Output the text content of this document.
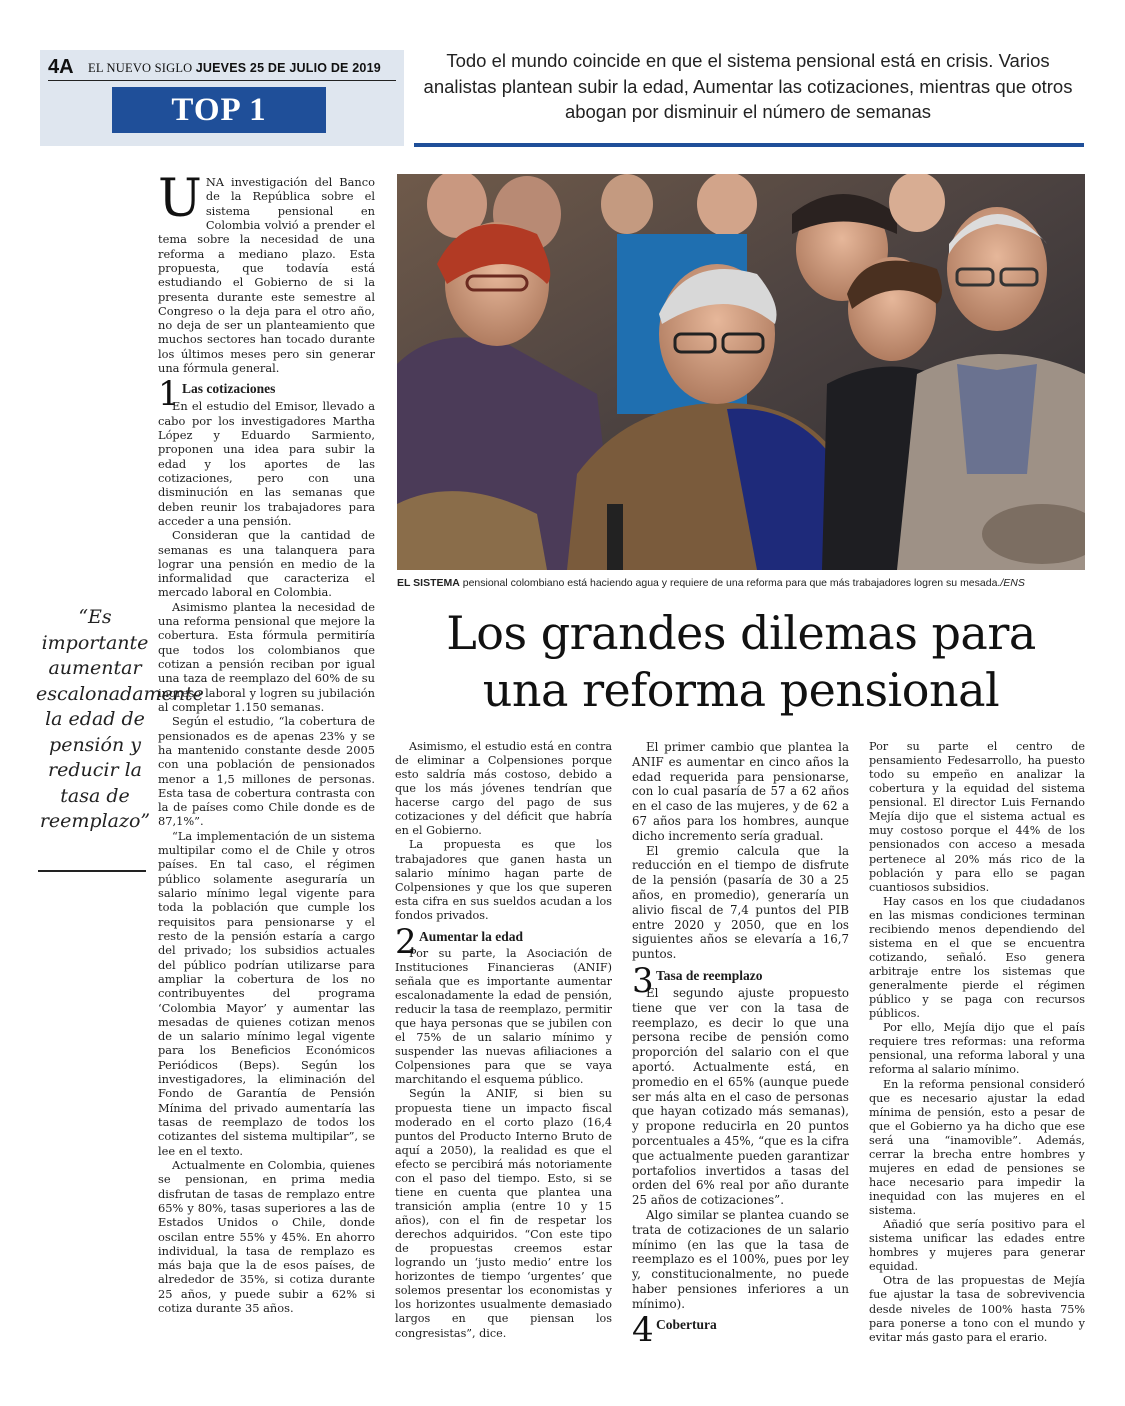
4A EL NUEVO SIGLO JUEVES 25 DE JULIO DE 2019
TOP 1
Todo el mundo coincide en que el sistema pensional está en crisis. Varios analistas plantean subir la edad, Aumentar las cotizaciones, mientras que otros abogan por disminuir el número de semanas
EL SISTEMA pensional colombiano está haciendo agua y requiere de una reforma para que más trabajadores logren su mesada./ENS
Los grandes dilemas para una reforma pensional
“Es importante aumentar escalonadamente la edad de pensión y reducir la tasa de reemplazo”

UNA investigación del Banco de la República sobre el sistema pensional en Colombia volvió a prender el tema sobre la necesidad de una reforma a mediano plazo. Esta propuesta, que todavía está estudiando el Gobierno de si la presenta durante este semestre al Congreso o la deja para el otro año, no deja de ser un planteamiento que muchos sectores han tocado durante los últimos meses pero sin generar una fórmula general.

1 Las cotizaciones

En el estudio del Emisor, llevado a cabo por los investigadores Martha López y Eduardo Sarmiento, proponen una idea para subir la edad y los aportes de las cotizaciones, pero con una disminución en las semanas que deben reunir los trabajadores para acceder a una pensión.

Consideran que la cantidad de semanas es una talanquera para lograr una pensión en medio de la informalidad que caracteriza el mercado laboral en Colombia.

Asimismo plantea la necesidad de una reforma pensional que mejore la cobertura. Esta fórmula permitiría que todos los colombianos que cotizan a pensión reciban por igual una taza de reemplazo del 60% de su ingreso laboral y logren su jubilación al completar 1.150 semanas.

Según el estudio, “la cobertura de pensionados es de apenas 23% y se ha mantenido constante desde 2005 con una población de pensionados menor a 1,5 millones de personas. Esta tasa de cobertura contrasta con la de países como Chile donde es de 87,1%”.

“La implementación de un sistema multipilar como el de Chile y otros países. En tal caso, el régimen público solamente aseguraría un salario mínimo legal vigente para toda la población que cumple los requisitos para pensionarse y el resto de la pensión estaría a cargo del privado; los subsidios actuales del público podrían utilizarse para ampliar la cobertura de los no contribuyentes del programa ‘Colombia Mayor’ y aumentar las mesadas de quienes cotizan menos de un salario mínimo legal vigente para los Beneficios Económicos Periódicos (Beps). Según los investigadores, la eliminación del Fondo de Garantía de Pensión Mínima del privado aumentaría las tasas de reemplazo de todos los cotizantes del sistema multipilar”, se lee en el texto.

Actualmente en Colombia, quienes se pensionan, en prima media disfrutan de tasas de remplazo entre 65% y 80%, tasas superiores a las de Estados Unidos o Chile, donde oscilan entre 55% y 45%. En ahorro individual, la tasa de remplazo es más baja que la de esos países, de alrededor de 35%, si cotiza durante 25 años, y puede subir a 62% si cotiza durante 35 años.

Asimismo, el estudio está en contra de eliminar a Colpensiones porque esto saldría más costoso, debido a que los más jóvenes tendrían que hacerse cargo del pago de sus cotizaciones y del déficit que habría en el Gobierno.

La propuesta es que los trabajadores que ganen hasta un salario mínimo hagan parte de Colpensiones y que los que superen esta cifra en sus sueldos acudan a los fondos privados.

2 Aumentar la edad

Por su parte, la Asociación de Instituciones Financieras (ANIF) señala que es importante aumentar escalonadamente la edad de pensión, reducir la tasa de reemplazo, permitir que haya personas que se jubilen con el 75% de un salario mínimo y suspender las nuevas afiliaciones a Colpensiones para que se vaya marchitando el esquema público.

Según la ANIF, si bien su propuesta tiene un impacto fiscal moderado en el corto plazo (16,4 puntos del Producto Interno Bruto de aquí a 2050), la realidad es que el efecto se percibirá más notoriamente con el paso del tiempo. Esto, si se tiene en cuenta que plantea una transición amplia (entre 10 y 15 años), con el fin de respetar los derechos adquiridos. “Con este tipo de propuestas creemos estar logrando un ‘justo medio’ entre los horizontes de tiempo ‘urgentes’ que solemos presentar los economistas y los horizontes usualmente demasiado largos en que piensan los congresistas”, dice.

El primer cambio que plantea la ANIF es aumentar en cinco años la edad requerida para pensionarse, con lo cual pasaría de 57 a 62 años en el caso de las mujeres, y de 62 a 67 años para los hombres, aunque dicho incremento sería gradual.

El gremio calcula que la reducción en el tiempo de disfrute de la pensión (pasaría de 30 a 25 años, en promedio), generaría un alivio fiscal de 7,4 puntos del PIB entre 2020 y 2050, que en los siguientes años se elevaría a 16,7 puntos.

3 Tasa de reemplazo

El segundo ajuste propuesto tiene que ver con la tasa de reemplazo, es decir lo que una persona recibe de pensión como proporción del salario con el que aportó. Actualmente está, en promedio en el 65% (aunque puede ser más alta en el caso de personas que hayan cotizado más semanas), y propone reducirla en 20 puntos porcentuales a 45%, “que es la cifra que actualmente pueden garantizar portafolios invertidos a tasas del orden del 6% real por año durante 25 años de cotizaciones”.

Algo similar se plantea cuando se trata de cotizaciones de un salario mínimo (en las que la tasa de reemplazo es el 100%, pues por ley y, constitucionalmente, no puede haber pensiones inferiores a un mínimo).

4 Cobertura

Por su parte el centro de pensamiento Fedesarrollo, ha puesto todo su empeño en analizar la cobertura y la equidad del sistema pensional. El director Luis Fernando Mejía dijo que el sistema actual es muy costoso porque el 44% de los pensionados con acceso a mesada pertenece al 20% más rico de la población y para ello se pagan cuantiosos subsidios.

Hay casos en los que ciudadanos en las mismas condiciones terminan recibiendo menos dependiendo del sistema en el que se encuentra cotizando, señaló. Eso genera arbitraje entre los sistemas que generalmente pierde el régimen público y se paga con recursos públicos.

Por ello, Mejía dijo que el país requiere tres reformas: una reforma pensional, una reforma laboral y una reforma al salario mínimo.

En la reforma pensional consideró que es necesario ajustar la edad mínima de pensión, esto a pesar de que el Gobierno ya ha dicho que ese será una “inamovible”. Además, cerrar la brecha entre hombres y mujeres en edad de pensiones se hace necesario para impedir la inequidad con las mujeres en el sistema.

Añadió que sería positivo para el sistema unificar las edades entre hombres y mujeres para generar equidad.

Otra de las propuestas de Mejía fue ajustar la tasa de sobrevivencia desde niveles de 100% hasta 75% para ponerse a tono con el mundo y evitar más gasto para el erario.
